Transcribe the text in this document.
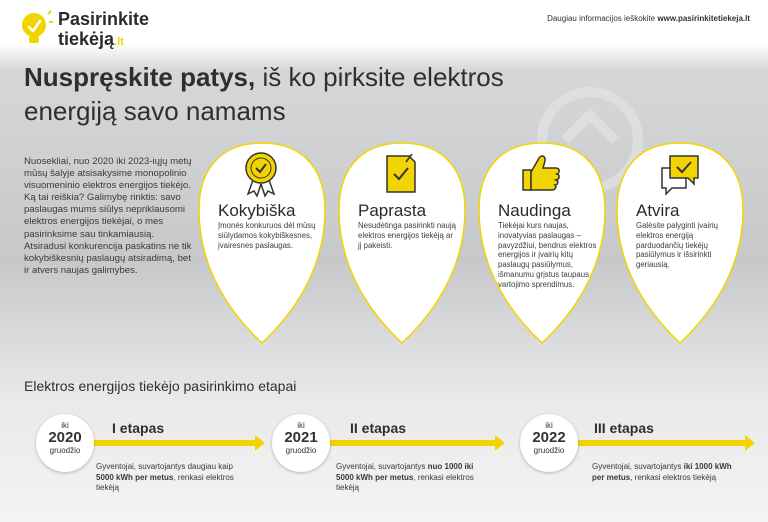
Pasirinkite
tiekėją.lt
Daugiau informacijos ieškokite www.pasirinkitetiekeja.lt
Nuspręskite patys, iš ko pirksite elektros
energiją savo namams
Nuosekliai, nuo 2020 iki 2023-iųjų metų mūsų šalyje atsisakysime monopolinio visuomeninio elektros energijos tiekėjo. Ką tai reiškia? Galimybę rinktis: savo paslaugas mums siūlys nepriklausomi elektros energijos tiekėjai, o mes pasirinksime sau tinkamiausią. Atsiradusi konkurencija paskatins ne tik kokybiškesnių paslaugų atsiradimą, bet ir atvers naujas galimybes.
Kokybiška
Įmonės konkuruos dėl mūsų siūlydamos kokybiškesnes, įvairesnes paslaugas.
Paprasta
Nesudėtinga pasirinkti naują elektros energijos tiekėją ar jį pakeisti.
Naudinga
Tiekėjai kurs naujas, inovatyvias paslaugas – pavyzdžiui, bendrus elektros energijos ir įvairių kitų paslaugų pasiūlymus, išmanumu grįstus taupaus vartojimo sprendimus.
Atvira
Galėsite palyginti įvairių elektros energiją parduodančių tiekėjų pasiūlymus ir išsirinkti geriausią.
Elektros energijos tiekėjo pasirinkimo etapai
iki
2020
gruodžio
I etapas
Gyventojai, suvartojantys daugiau kaip 5000 kWh per metus, renkasi elektros tiekėją
iki
2021
gruodžio
II etapas
Gyventojai, suvartojantys nuo 1000 iki 5000 kWh per metus, renkasi elektros tiekėją
iki
2022
gruodžio
III etapas
Gyventojai, suvartojantys iki 1000 kWh per metus, renkasi elektros tiekėją
